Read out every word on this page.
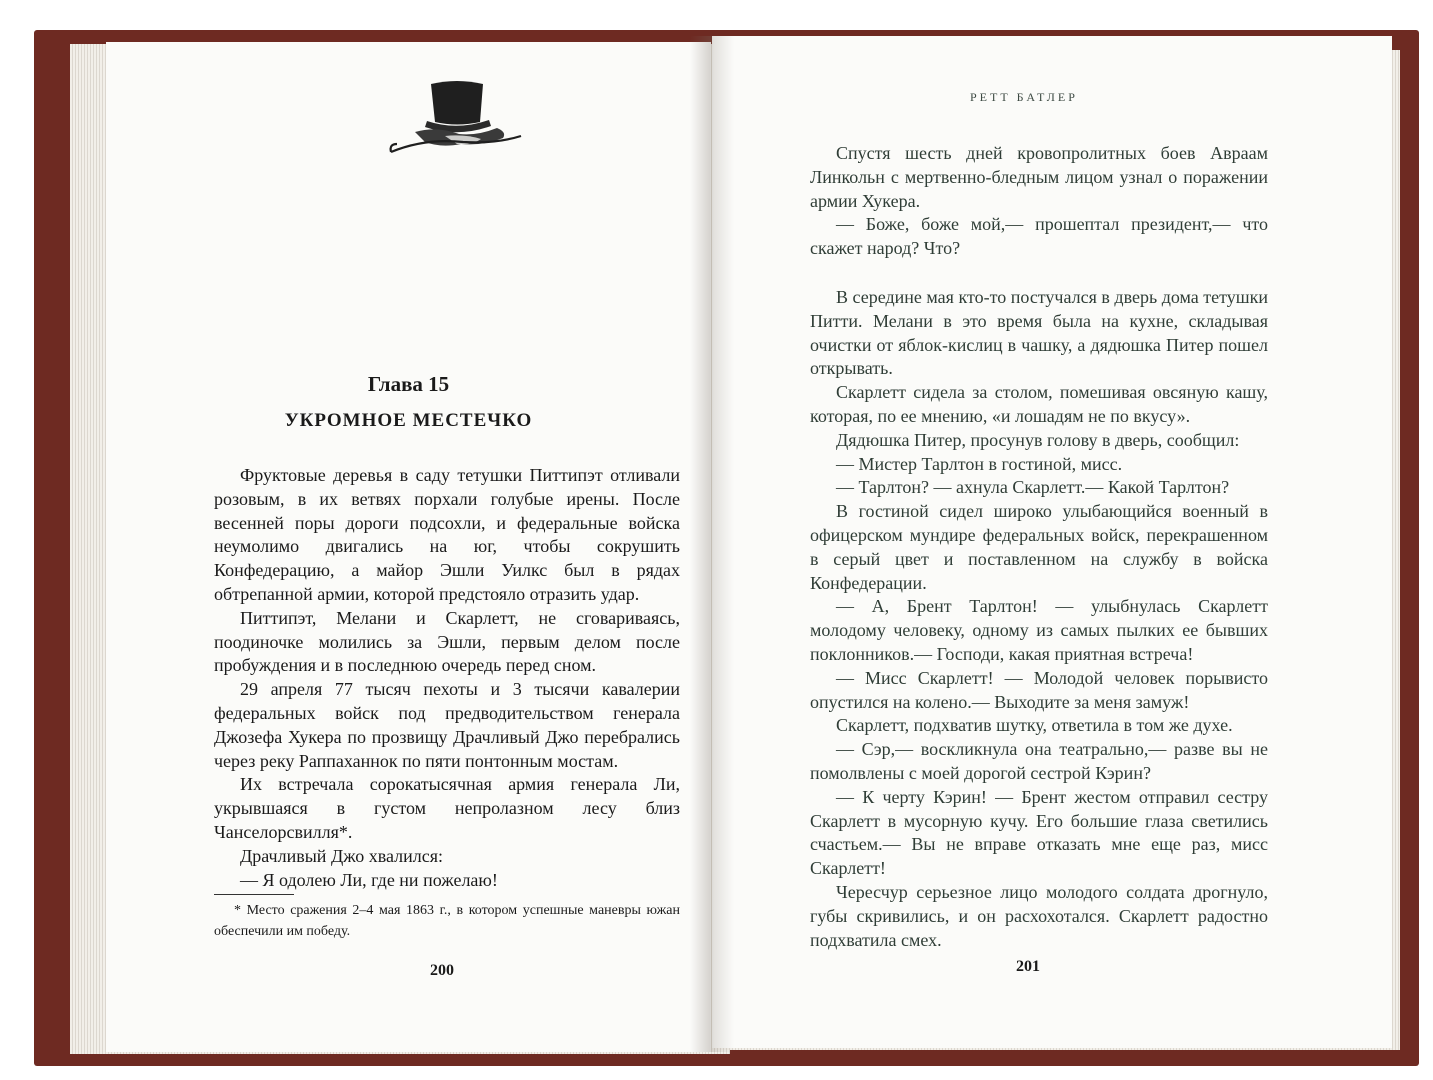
Глава 15
УКРОМНОЕ МЕСТЕЧКО

Фруктовые деревья в саду тетушки Питтипэт отливали розовым, в их ветвях порхали голубые ирены. После весенней поры дороги подсохли, и федеральные войска неумолимо двигались на юг, чтобы сокрушить Конфедерацию, а майор Эшли Уилкс был в рядах обтрепанной армии, которой предстояло отразить удар.

Питтипэт, Мелани и Скарлетт, не сговариваясь, поодиночке молились за Эшли, первым делом после пробуждения и в последнюю очередь перед сном.

29 апреля 77 тысяч пехоты и 3 тысячи кавалерии федеральных войск под предводительством генерала Джозефа Хукера по прозвищу Драчливый Джо перебрались через реку Раппаханнок по пяти понтонным мостам.

Их встречала сорокатысячная армия генерала Ли, укрывшаяся в густом непролазном лесу близ Чанселорсвилля*.

Драчливый Джо хвалился:

— Я одолею Ли, где ни пожелаю!

* Место сражения 2–4 мая 1863 г., в котором успешные маневры южан обеспечили им победу.

200

РЕТТ БАТЛЕР

Спустя шесть дней кровопролитных боев Авраам Линкольн с мертвенно-бледным лицом узнал о поражении армии Хукера.

— Боже, боже мой,— прошептал президент,— что скажет народ? Что?

В середине мая кто-то постучался в дверь дома тетушки Питти. Мелани в это время была на кухне, складывая очистки от яблок-кислиц в чашку, а дядюшка Питер пошел открывать.

Скарлетт сидела за столом, помешивая овсяную кашу, которая, по ее мнению, «и лошадям не по вкусу».

Дядюшка Питер, просунув голову в дверь, сообщил:

— Мистер Тарлтон в гостиной, мисс.

— Тарлтон? — ахнула Скарлетт.— Какой Тарлтон?

В гостиной сидел широко улыбающийся военный в офицерском мундире федеральных войск, перекрашенном в серый цвет и поставленном на службу в войска Конфедерации.

— А, Брент Тарлтон! — улыбнулась Скарлетт молодому человеку, одному из самых пылких ее бывших поклонников.— Господи, какая приятная встреча!

— Мисс Скарлетт! — Молодой человек порывисто опустился на колено.— Выходите за меня замуж!

Скарлетт, подхватив шутку, ответила в том же духе.

— Сэр,— воскликнула она театрально,— разве вы не помолвлены с моей дорогой сестрой Кэрин?

— К черту Кэрин! — Брент жестом отправил сестру Скарлетт в мусорную кучу. Его большие глаза светились счастьем.— Вы не вправе отказать мне еще раз, мисс Скарлетт!

Чересчур серьезное лицо молодого солдата дрогнуло, губы скривились, и он расхохотался. Скарлетт радостно подхватила смех.

201
